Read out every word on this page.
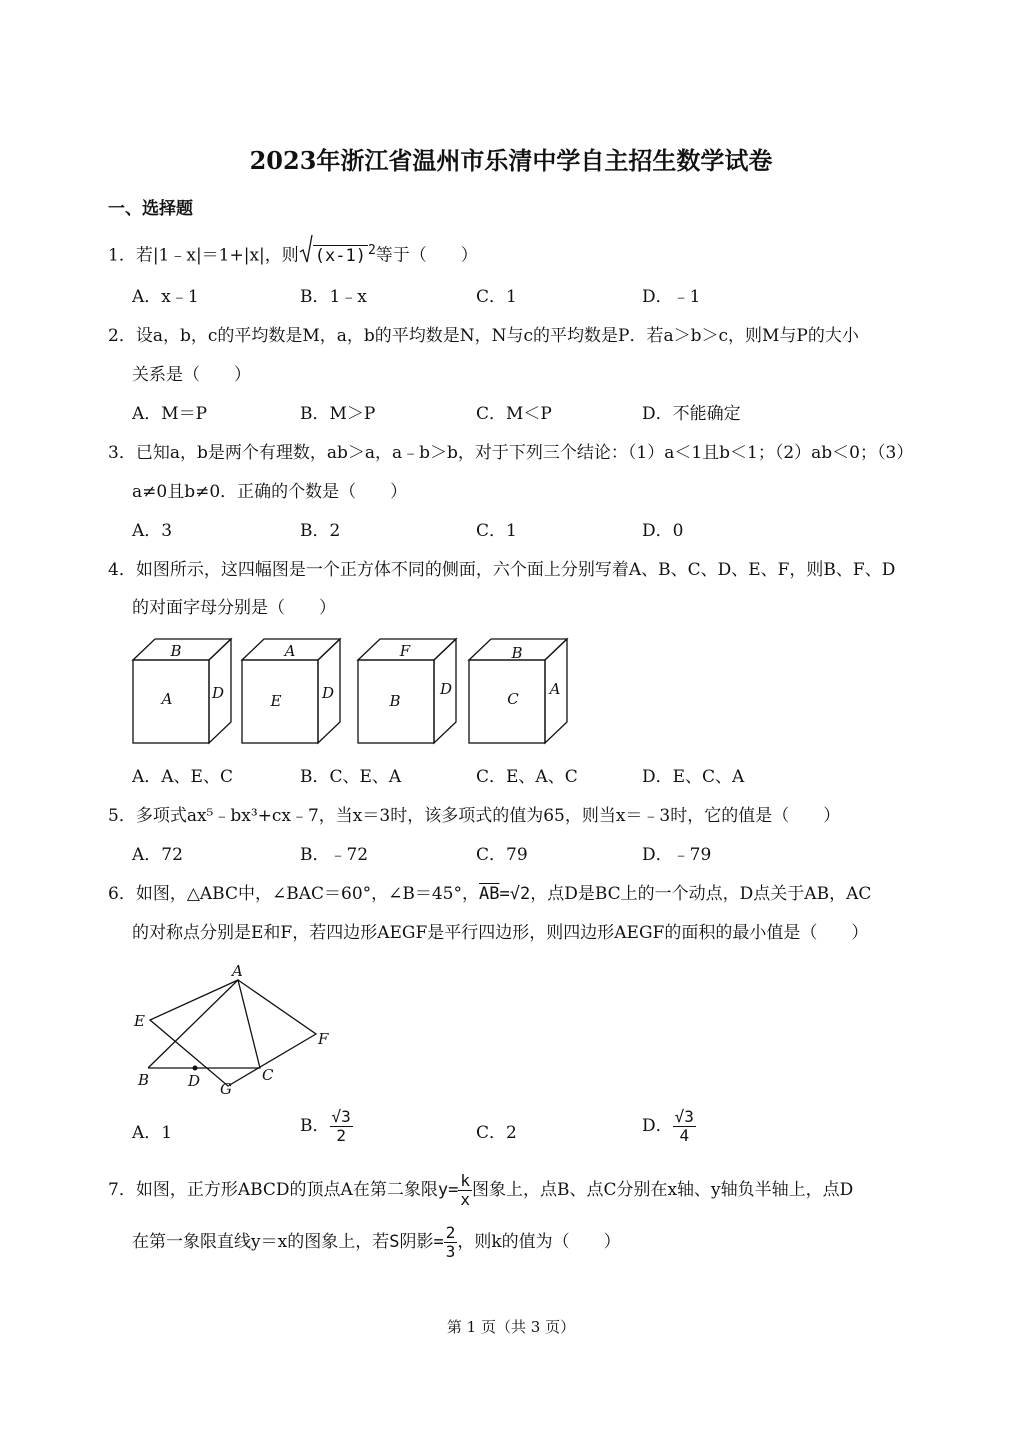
2023年浙江省温州市乐清中学自主招生数学试卷
一、选择题
1．若|1﹣x|＝1+|x|，则 (x-1) $^2$等于（　　）
A．x﹣1	B．1﹣x	C．1	D．﹣1
2．设a，b，c的平均数是M，a，b的平均数是N，N与c的平均数是P．若a＞b＞c，则M与P的大小
关系是（　　）
A．M＝P	B．M＞P	C．M＜P	D．不能确定
3．已知a，b是两个有理数，ab＞a，a﹣b＞b，对于下列三个结论：（1）a＜1且b＜1；（2）ab＜0；（3）
a≠0且b≠0．正确的个数是（　　）
A．3	B．2	C．1	D．0
4．如图所示，这四幅图是一个正方体不同的侧面，六个面上分别写着A、B、C、D、E、F，则B、F、D
的对面字母分别是（　　）
B
A	D
A
E	D
F
B
D
B
C
A
A．A、E、C	B．C、E、A	C．E、A、C	D．E、C、A
5．多项式ax⁵﹣bx³+cx﹣7，当x＝3时，该多项式的值为65，则当x＝﹣3时，它的值是（　　）
A．72	B．﹣72	C．79	D．﹣79
6．如图，△ABC中，∠BAC＝60°，∠B＝45°，$\overline{AB}=√2$，点D是BC上的一个动点，D点关于AB，AC
的对称点分别是E和F，若四边形AEGF是平行四边形，则四边形AEGF的面积的最小值是（　　）
A
E
F
B	D G
C
A．1	B． $\frac{√3}{2}$	C．2	D． $\frac{√3}{4}$
7．如图，正方形ABCD的顶点A在第二象限$y= \frac{k}{x}$ 图象上，点B、点C分别在x轴、y轴负半轴上，点D
在第一象限直线y＝x的图象上，若S阴影= $\frac{2}{3}$ ，则k的值为（　　）
第 1 页（共 3 页）
